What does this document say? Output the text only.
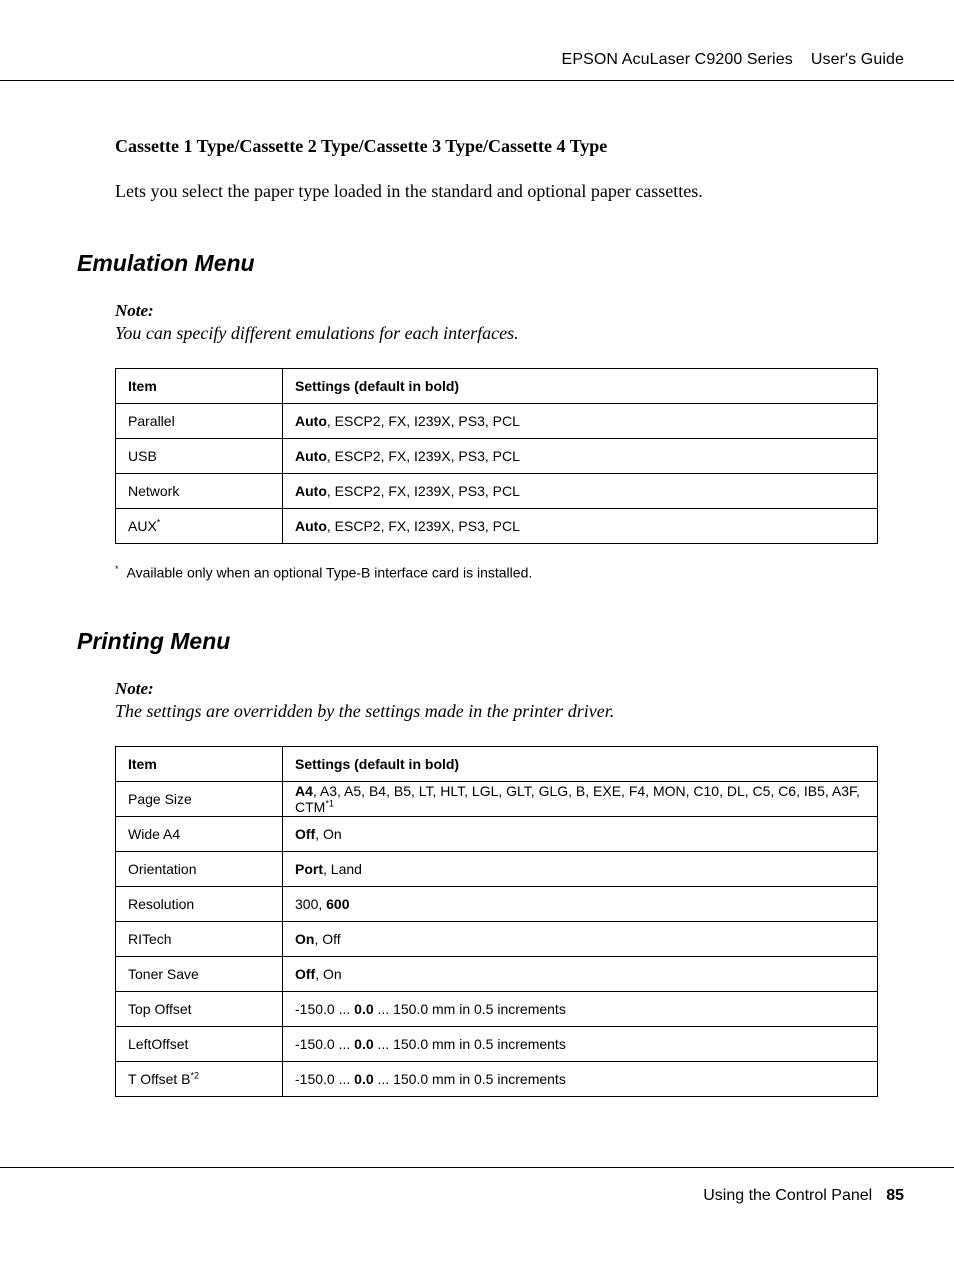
EPSON AcuLaser C9200 Series User's Guide
Cassette 1 Type/Cassette 2 Type/Cassette 3 Type/Cassette 4 Type
Lets you select the paper type loaded in the standard and optional paper cassettes.
Emulation Menu
Note:
You can specify different emulations for each interfaces.
Item	Settings (default in bold)
Parallel	Auto, ESCP2, FX, I239X, PS3, PCL
USB	Auto, ESCP2, FX, I239X, PS3, PCL
Network	Auto, ESCP2, FX, I239X, PS3, PCL
AUX*	Auto, ESCP2, FX, I239X, PS3, PCL
* Available only when an optional Type-B interface card is installed.
Printing Menu
Note:
The settings are overridden by the settings made in the printer driver.
Item	Settings (default in bold)
Page Size	A4, A3, A5, B4, B5, LT, HLT, LGL, GLT, GLG, B, EXE, F4, MON, C10, DL, C5, C6, IB5, A3F, CTM$^{*1}$
Wide A4	Off, On
Orientation	Port, Land
Resolution	300, 600
RITech	On, Off
Toner Save	Off, On
Top Offset	-150.0 ... 0.0 ... 150.0 mm in 0.5 increments
LeftOffset	-150.0 ... 0.0 ... 150.0 mm in 0.5 increments
T Offset $B^{*2}$	-150.0 ... 0.0 ... 150.0 mm in 0.5 increments
Using the Control Panel 85
